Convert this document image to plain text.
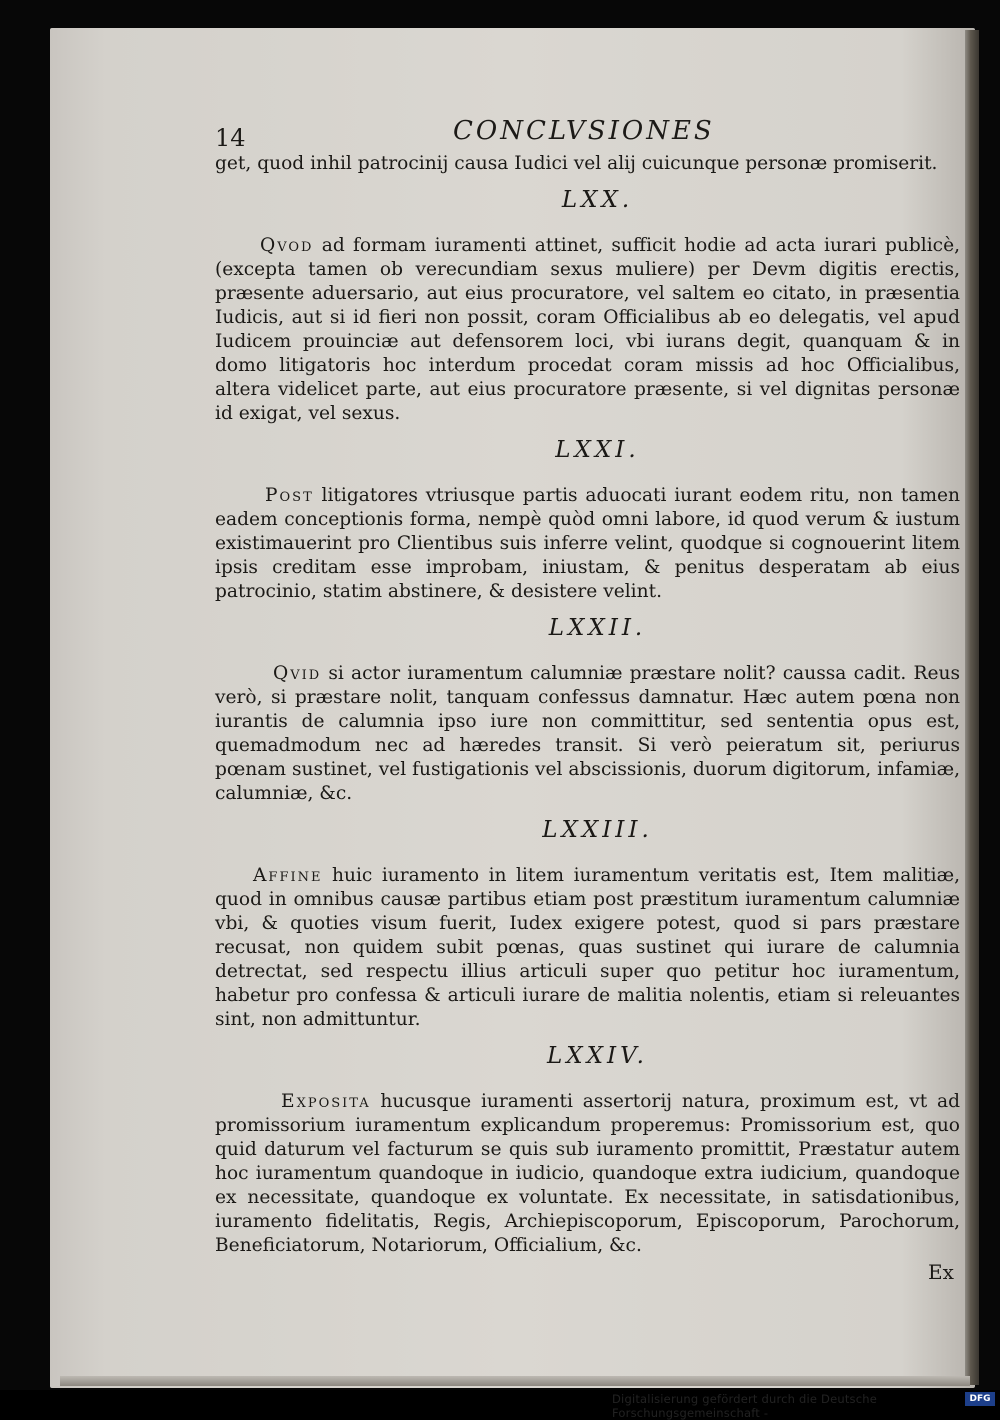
14	CONCLVSIONES

get, quod inhil patrocinij causa Iudici vel alij cuicunque personæ promiserit.

LXX.

Qvod ad formam iuramenti attinet, sufficit hodie ad acta iurari publicè, (excepta tamen ob verecundiam sexus muliere) per Devm digitis erectis, præsente aduersario, aut eius procuratore, vel saltem eo citato, in præsentia Iudicis, aut si id fieri non possit, coram Officialibus ab eo delegatis, vel apud Iudicem prouinciæ aut defensorem loci, vbi iurans degit, quanquam & in domo litigatoris hoc interdum procedat coram missis ad hoc Officialibus, altera videlicet parte, aut eius procuratore præsente, si vel dignitas personæ id exigat, vel sexus.

LXXI.

Post litigatores vtriusque partis aduocati iurant eodem ritu, non tamen eadem conceptionis forma, nempè quòd omni labore, id quod verum & iustum existimauerint pro Clientibus suis inferre velint, quodque si cognouerint litem ipsis creditam esse improbam, iniustam, & penitus desperatam ab eius patrocinio, statim abstinere, & desistere velint.

LXXII.

Qvid si actor iuramentum calumniæ præstare nolit? caussa cadit. Reus verò, si præstare nolit, tanquam confessus damnatur. Hæc autem pœna non iurantis de calumnia ipso iure non committitur, sed sententia opus est, quemadmodum nec ad hæredes transit. Si verò peieratum sit, periurus pœnam sustinet, vel fustigationis vel abscissionis, duorum digitorum, infamiæ, calumniæ, &c.

LXXIII.

Affine huic iuramento in litem iuramentum veritatis est, Item malitiæ, quod in omnibus causæ partibus etiam post præstitum iuramentum calumniæ vbi, & quoties visum fuerit, Iudex exigere potest, quod si pars præstare recusat, non quidem subit pœnas, quas sustinet qui iurare de calumnia detrectat, sed respectu illius articuli super quo petitur hoc iuramentum, habetur pro confessa & articuli iurare de malitia nolentis, etiam si releuantes sint, non admittuntur.

LXXIV.

Exposita hucusque iuramenti assertorij natura, proximum est, vt ad promissorium iuramentum explicandum properemus: Promissorium est, quo quid daturum vel facturum se quis sub iuramento promittit, Præstatur autem hoc iuramentum quandoque in iudicio, quandoque extra iudicium, quandoque ex necessitate, quandoque ex voluntate. Ex necessitate, in satisdationibus, iuramento fidelitatis, Regis, Archiepiscoporum, Episcoporum, Parochorum, Beneficiatorum, Notariorum, Officialium, &c.

Ex
Digitalisierung gefördert durch die Deutsche Forschungsgemeinschaft -
DFG
